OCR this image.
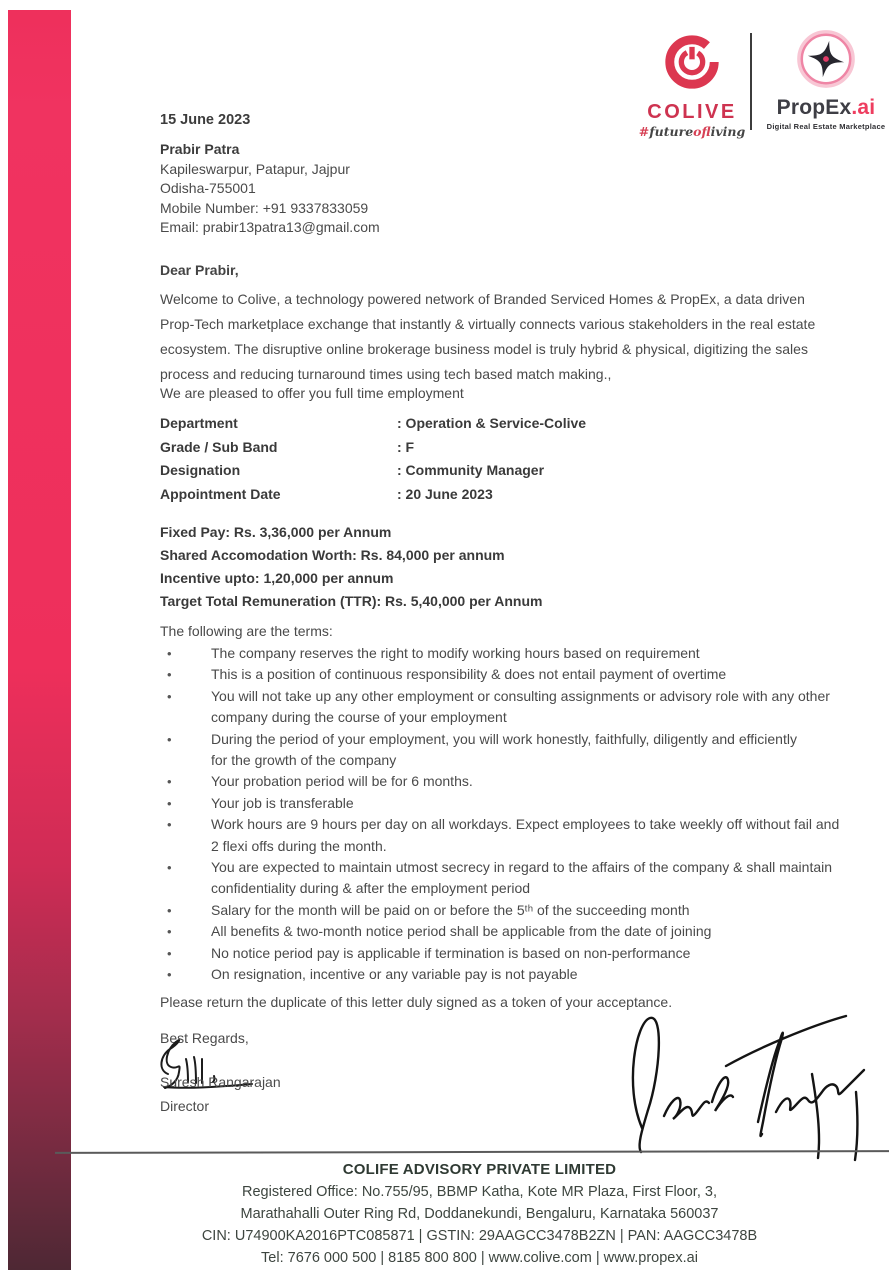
COLIVE
#futureofliving
PropEx.ai
Digital Real Estate Marketplace
15 June 2023
Prabir Patra
Kapileswarpur, Patapur, Jajpur
Odisha-755001
Mobile Number: +91 9337833059
Email: prabir13patra13@gmail.com
Dear Prabir,
Welcome to Colive, a technology powered network of Branded Serviced Homes & PropEx, a data driven
Prop-Tech marketplace exchange that instantly & virtually connects various stakeholders in the real estate
ecosystem. The disruptive online brokerage business model is truly hybrid & physical, digitizing the sales
process and reducing turnaround times using tech based match making.,
We are pleased to offer you full time employment
Department	: Operation & Service-Colive
Grade / Sub Band	: F
Designation	: Community Manager
Appointment Date	: 20 June 2023
Fixed Pay: Rs. 3,36,000 per Annum
Shared Accomodation Worth: Rs. 84,000 per annum
Incentive upto: 1,20,000 per annum
Target Total Remuneration (TTR): Rs. 5,40,000 per Annum
The following are the terms:
• The company reserves the right to modify working hours based on requirement
• This is a position of continuous responsibility & does not entail payment of overtime
• You will not take up any other employment or consulting assignments or advisory role with any other
company during the course of your employment
• During the period of your employment, you will work honestly, faithfully, diligently and efficiently
for the growth of the company
• Your probation period will be for 6 months.
• Your job is transferable
• Work hours are 9 hours per day on all workdays. Expect employees to take weekly off without fail and
2 flexi offs during the month.
• You are expected to maintain utmost secrecy in regard to the affairs of the company & shall maintain
confidentiality during & after the employment period
• Salary for the month will be paid on or before the 5ᵗʰ of the succeeding month
• All benefits & two-month notice period shall be applicable from the date of joining
• No notice period pay is applicable if termination is based on non-performance
• On resignation, incentive or any variable pay is not payable
Please return the duplicate of this letter duly signed as a token of your acceptance.
Best Regards,
Suresh Rangarajan
Director
COLIFE ADVISORY PRIVATE LIMITED
Registered Office: No.755/95, BBMP Katha, Kote MR Plaza, First Floor, 3,
Marathahalli Outer Ring Rd, Doddanekundi, Bengaluru, Karnataka 560037
CIN: U74900KA2016PTC085871 | GSTIN: 29AAGCC3478B2ZN | PAN: AAGCC3478B
Tel: 7676 000 500 | 8185 800 800 | www.colive.com | www.propex.ai
